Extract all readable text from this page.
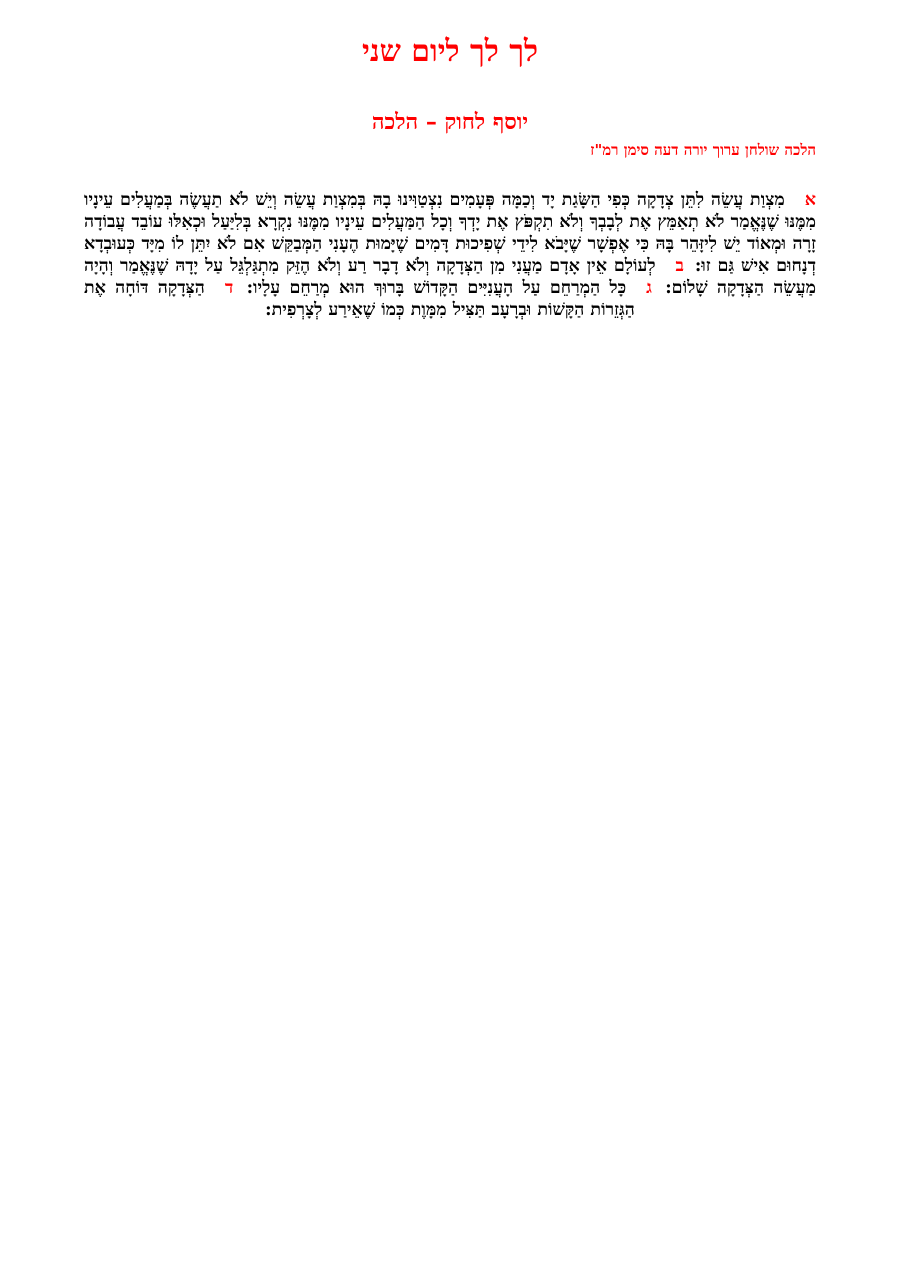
לך לך ליום שני
יוסף לחוק – הלכה
הלכה שולחן ערוך יורה דעה סימן רמ"ז

אמִצְוַת עֲשֵׂה לִתֵּן צְדָקָה כְּפִי הַשָּׂגַת יָד וְכַמָּה פְּעָמִים נִצְטַוִּינוּ בָהּ בְּמִצְוַת עֲשֵׂה וְיֵשׁ לֹא תַעֲשֶׂה בְּמַעֲלִים עֵינָיו מִמֶּנּוּ שֶׁנֶּאֱמַר לֹא תְאַמֵּץ אֶת לְבָבְךָ וְלֹא תִקְפֹּץ אֶת יָדְךָ וְכָל הַמַּעֲלִים עֵינָיו מִמֶּנּוּ נִקְרָא בְּלִיַּעַל וּכְאִלּוּ עוֹבֵד עֲבוֹדָה זָרָה וּמְאוֹד יֵשׁ לִיזָּהֵר בָּהּ כִּי אֶפְשָׁר שֶׁיָּבֹא לִידֵי שְׁפִיכוּת דָּמִים שֶׁיָּמוּת הֶעָנִי הַמְּבַקֵּשׁ אִם לֹא יִתֵּן לוֹ מִיָּד כְּעוּבְדָא דְנָחוּם אִישׁ גַּם זוּ: בלְעוֹלָם אֵין אָדָם מַעֲנִי מִן הַצְּדָקָה וְלֹא דָבָר רַע וְלֹא הֶזֵּק מִתְגַּלְגֵּל עַל יָדָהּ שֶׁנֶּאֱמַר וְהָיָה מַעֲשֵׂה הַצְּדָקָה שָׁלוֹם: גכָּל הַמְרַחֵם עַל הָעֲנִיִּים הַקָּדוֹשׁ בָּרוּךְ הוּא מְרַחֵם עָלָיו: דהַצְּדָקָה דּוֹחָה אֶת הַגְּזֵרוֹת הַקָּשׁוֹת וּבְרָעָב תַּצִּיל מִמָּוֶת כְּמוֹ שֶׁאֵירַע לְצָרְפִית:
